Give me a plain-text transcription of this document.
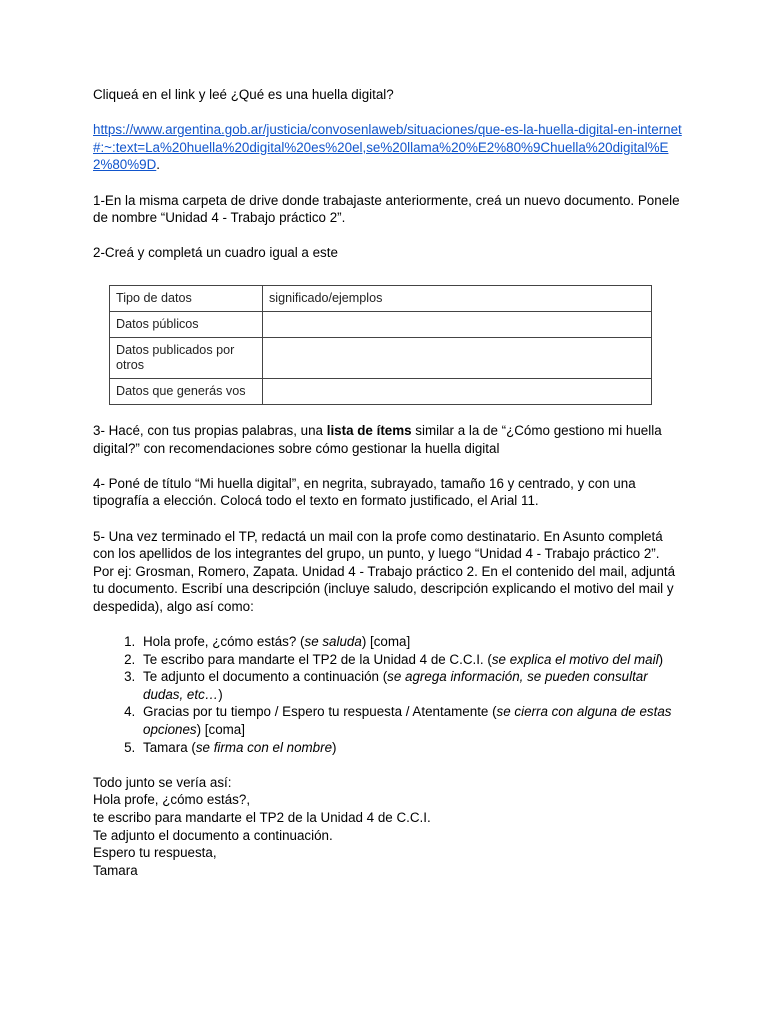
Cliqueá en el link y leé ¿Qué es una huella digital?

https://www.argentina.gob.ar/justicia/convosenlaweb/situaciones/que-es-la-huella-digital-en-internet#:~:text=La%20huella%20digital%20es%20el,se%20llama%20%E2%80%9Chuella%20digital%E2%80%9D.

1-En la misma carpeta de drive donde trabajaste anteriormente, creá un nuevo documento. Ponele de nombre “Unidad 4 - Trabajo práctico 2”.

2-Creá y completá un cuadro igual a este

Tipo de datos	significado/ejemplos
Datos públicos	
Datos publicados por otros	
Datos que generás vos	

3- Hacé, con tus propias palabras, una lista de ítems similar a la de “¿Cómo gestiono mi huella digital?” con recomendaciones sobre cómo gestionar la huella digital

4- Poné de título “Mi huella digital”, en negrita, subrayado, tamaño 16 y centrado, y con una tipografía a elección. Colocá todo el texto en formato justificado, el Arial 11.

5- Una vez terminado el TP, redactá un mail con la profe como destinatario. En Asunto completá con los apellidos de los integrantes del grupo, un punto, y luego “Unidad 4 - Trabajo práctico 2”. Por ej: Grosman, Romero, Zapata. Unidad 4 - Trabajo práctico 2. En el contenido del mail, adjuntá tu documento. Escribí una descripción (incluye saludo, descripción explicando el motivo del mail y despedida), algo así como:

1. Hola profe, ¿cómo estás? (se saluda) [coma]
2. Te escribo para mandarte el TP2 de la Unidad 4 de C.C.I. (se explica el motivo del mail)
3. Te adjunto el documento a continuación (se agrega información, se pueden consultar dudas, etc…)
4. Gracias por tu tiempo / Espero tu respuesta / Atentamente (se cierra con alguna de estas opciones) [coma]
5. Tamara (se firma con el nombre)

Todo junto se vería así:

Hola profe, ¿cómo estás?,

te escribo para mandarte el TP2 de la Unidad 4 de C.C.I.

Te adjunto el documento a continuación.

Espero tu respuesta,

Tamara
